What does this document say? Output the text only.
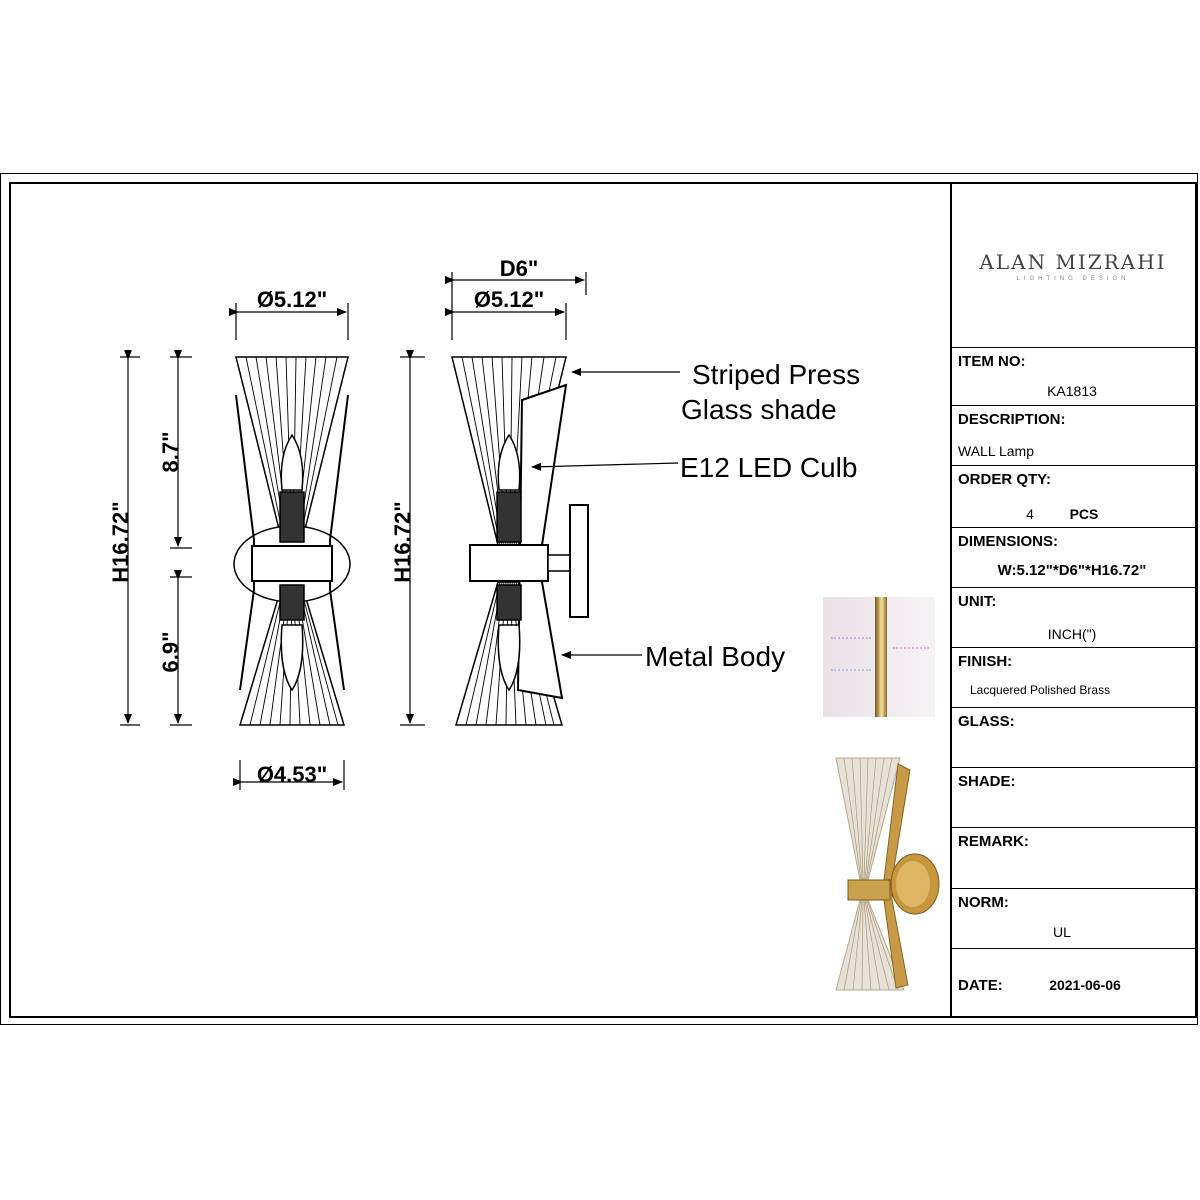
Ø5.12"
Ø4.53"
H16.72"
8.7"
6.9"
D6"
Ø5.12"
H16.72"
Striped Press
Glass shade
E12 LED Culb
Metal Body
ITEM NO:
KA1813
DESCRIPTION:
WALL Lamp
ORDER QTY:
4	PCS
DIMENSIONS:
W:5.12"*D6"*H16.72"
UNIT:
INCH(")
FINISH:
Lacquered Polished Brass
GLASS:
SHADE:
REMARK:
NORM:
UL
DATE:	2021-06-06
ALAN MIZRAHI
LIGHTING DESIGN
